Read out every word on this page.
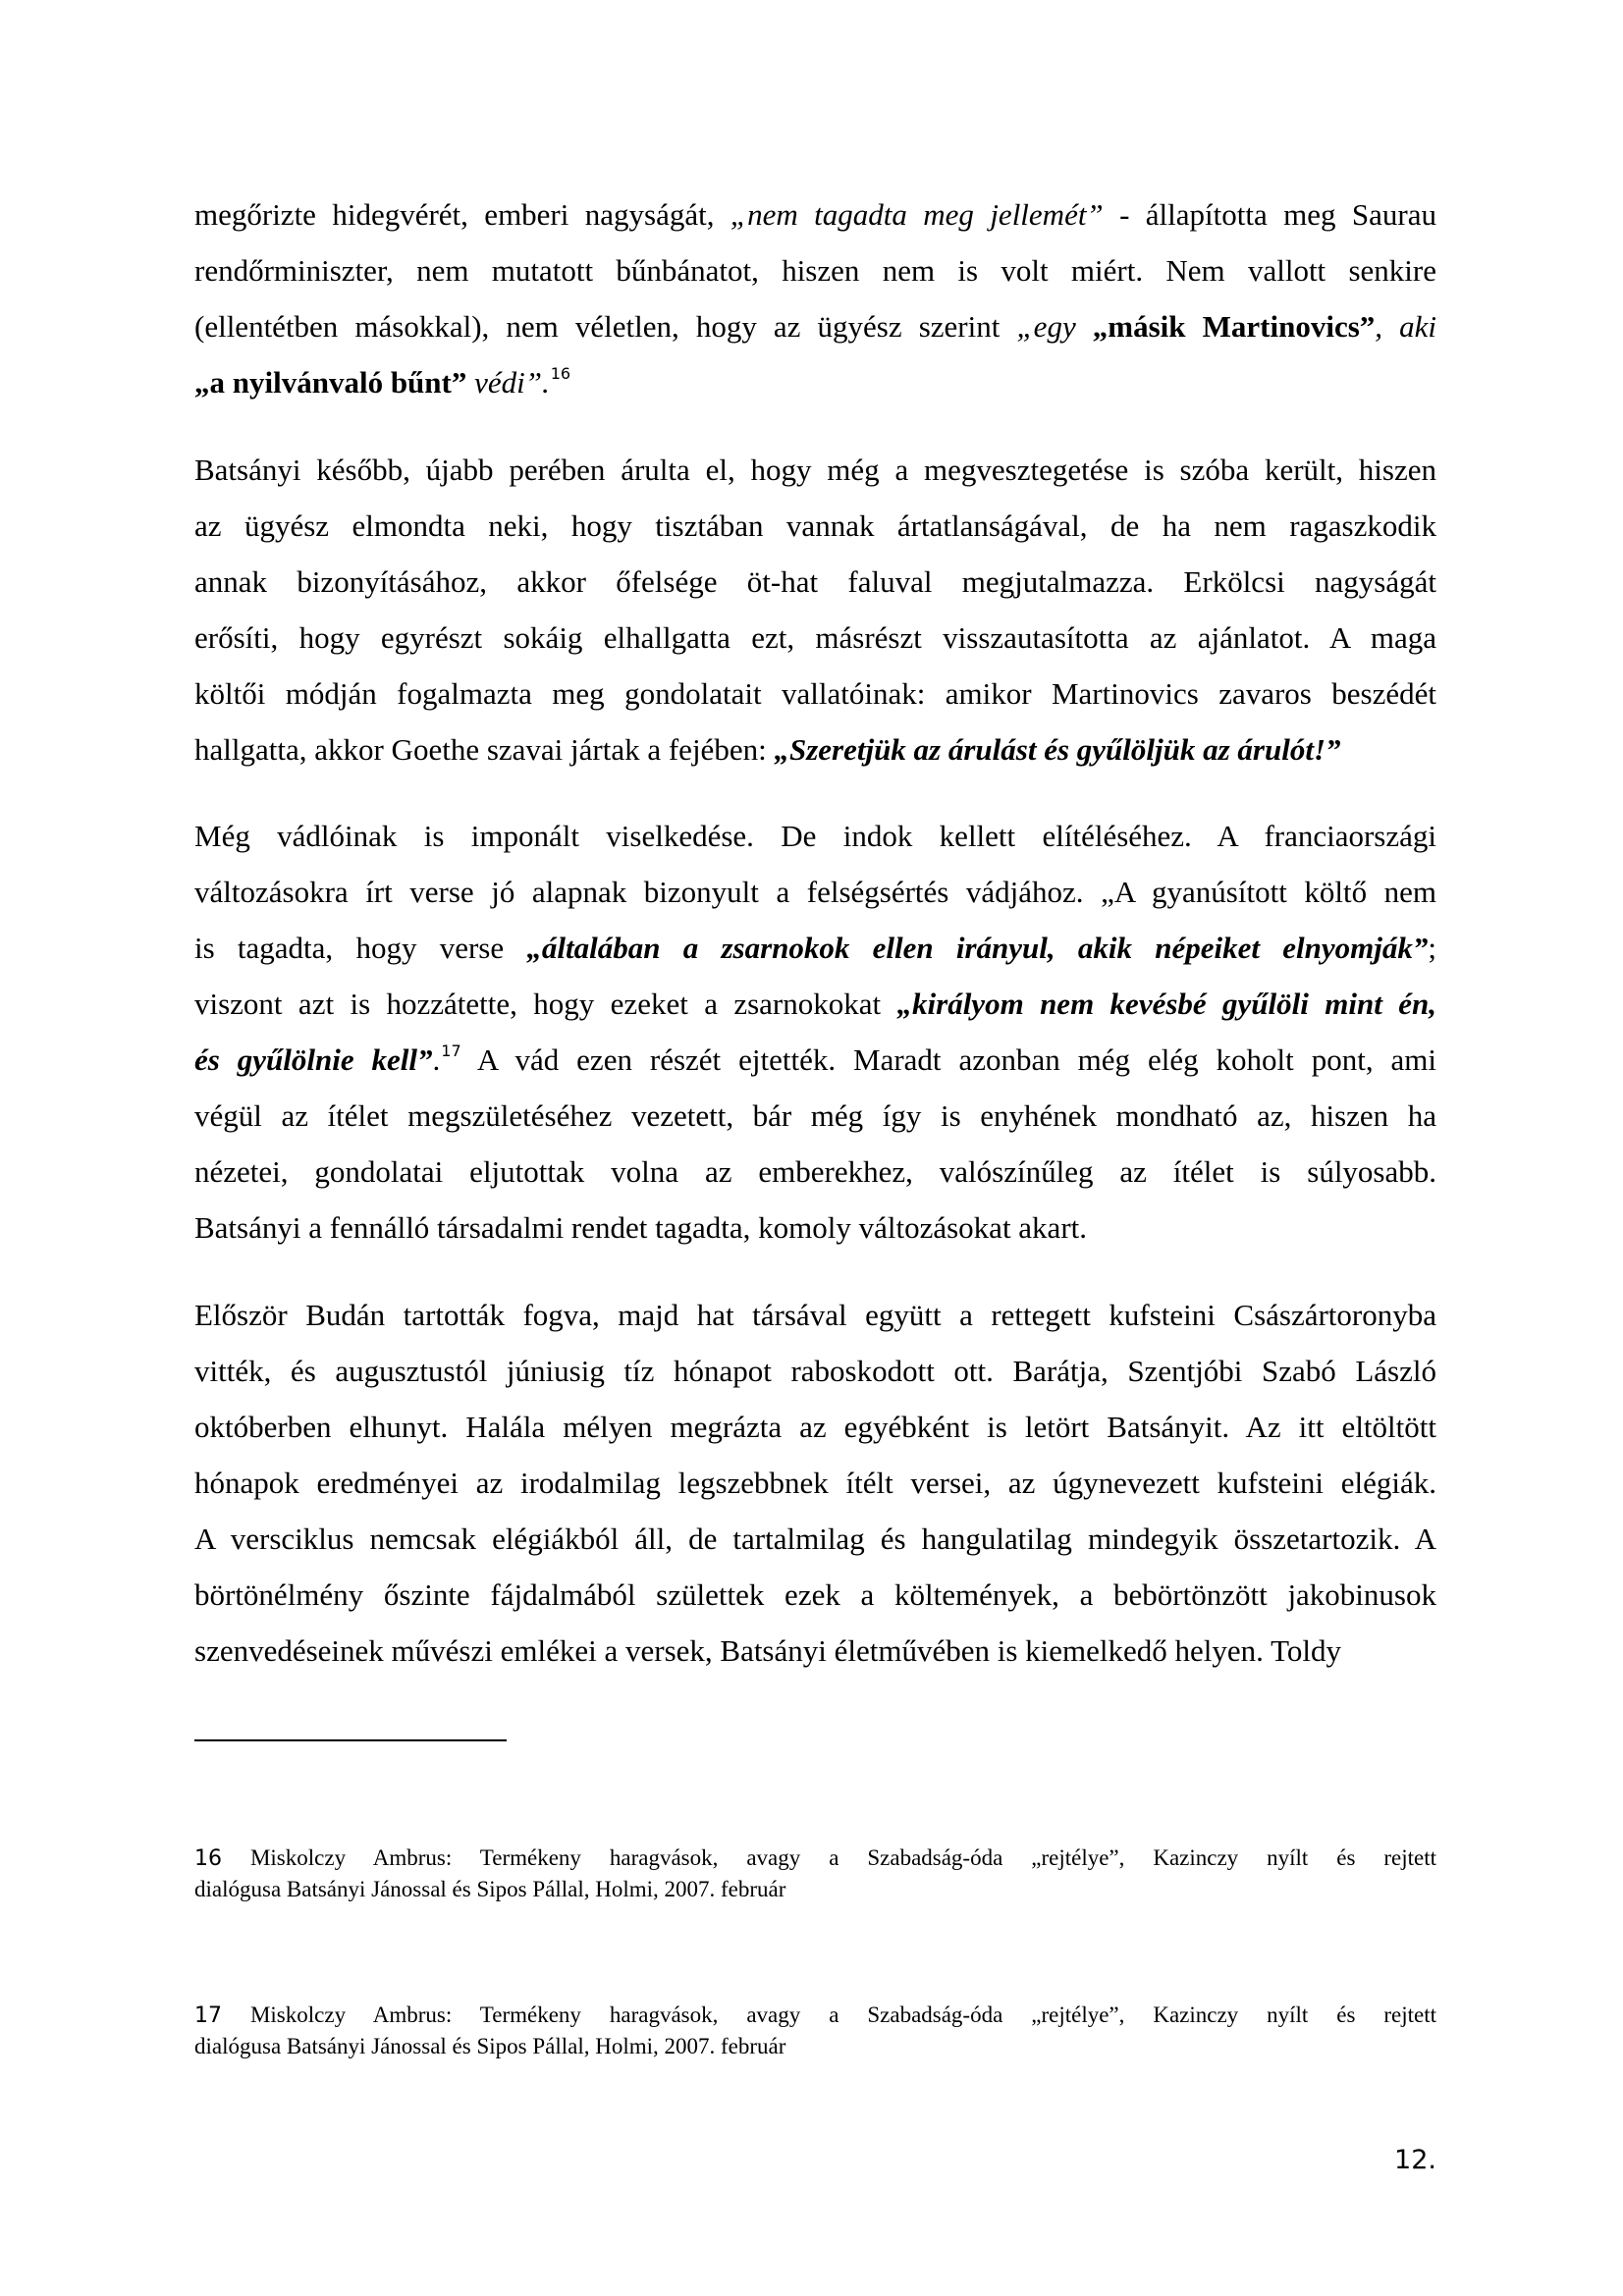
megőrizte hidegvérét, emberi nagyságát, „nem tagadta meg jellemét” - állapította meg Saurau
rendőrminiszter, nem mutatott bűnbánatot, hiszen nem is volt miért. Nem vallott senkire
(ellentétben másokkal), nem véletlen, hogy az ügyész szerint „egy „másik Martinovics”, aki
„a nyilvánvaló bűnt” védi”.$^{16}$
Batsányi később, újabb perében árulta el, hogy még a megvesztegetése is szóba került, hiszen
az ügyész elmondta neki, hogy tisztában vannak ártatlanságával, de ha nem ragaszkodik
annak bizonyításához, akkor őfelsége öt-hat faluval megjutalmazza. Erkölcsi nagyságát
erősíti, hogy egyrészt sokáig elhallgatta ezt, másrészt visszautasította az ajánlatot. A maga
költői módján fogalmazta meg gondolatait vallatóinak: amikor Martinovics zavaros beszédét
hallgatta, akkor Goethe szavai jártak a fejében: „Szeretjük az árulást és gyűlöljük az árulót!”
Még vádlóinak is imponált viselkedése. De indok kellett elítéléséhez. A franciaországi
változásokra írt verse jó alapnak bizonyult a felségsértés vádjához. „A gyanúsított költő nem
is tagadta, hogy verse „általában a zsarnokok ellen irányul, akik népeiket elnyomják”;
viszont azt is hozzátette, hogy ezeket a zsarnokokat „királyom nem kevésbé gyűlöli mint én,
és gyűlölnie kell”.$^{17}$ A vád ezen részét ejtették. Maradt azonban még elég koholt pont, ami
végül az ítélet megszületéséhez vezetett, bár még így is enyhének mondható az, hiszen ha
nézetei, gondolatai eljutottak volna az emberekhez, valószínűleg az ítélet is súlyosabb.
Batsányi a fennálló társadalmi rendet tagadta, komoly változásokat akart.
Először Budán tartották fogva, majd hat társával együtt a rettegett kufsteini Császártoronyba
vitték, és augusztustól júniusig tíz hónapot raboskodott ott. Barátja, Szentjóbi Szabó László
októberben elhunyt. Halála mélyen megrázta az egyébként is letört Batsányit. Az itt eltöltött
hónapok eredményei az irodalmilag legszebbnek ítélt versei, az úgynevezett kufsteini elégiák.
A versciklus nemcsak elégiákból áll, de tartalmilag és hangulatilag mindegyik összetartozik. A
börtönélmény őszinte fájdalmából születtek ezek a költemények, a bebörtönzött jakobinusok
szenvedéseinek művészi emlékei a versek, Batsányi életművében is kiemelkedő helyen. Toldy
16 Miskolczy Ambrus: Termékeny haragvások, avagy a Szabadság-óda „rejtélye”, Kazinczy nyílt és rejtett
dialógusa Batsányi Jánossal és Sipos Pállal, Holmi, 2007. február
17 Miskolczy Ambrus: Termékeny haragvások, avagy a Szabadság-óda „rejtélye”, Kazinczy nyílt és rejtett
dialógusa Batsányi Jánossal és Sipos Pállal, Holmi, 2007. február
12.
